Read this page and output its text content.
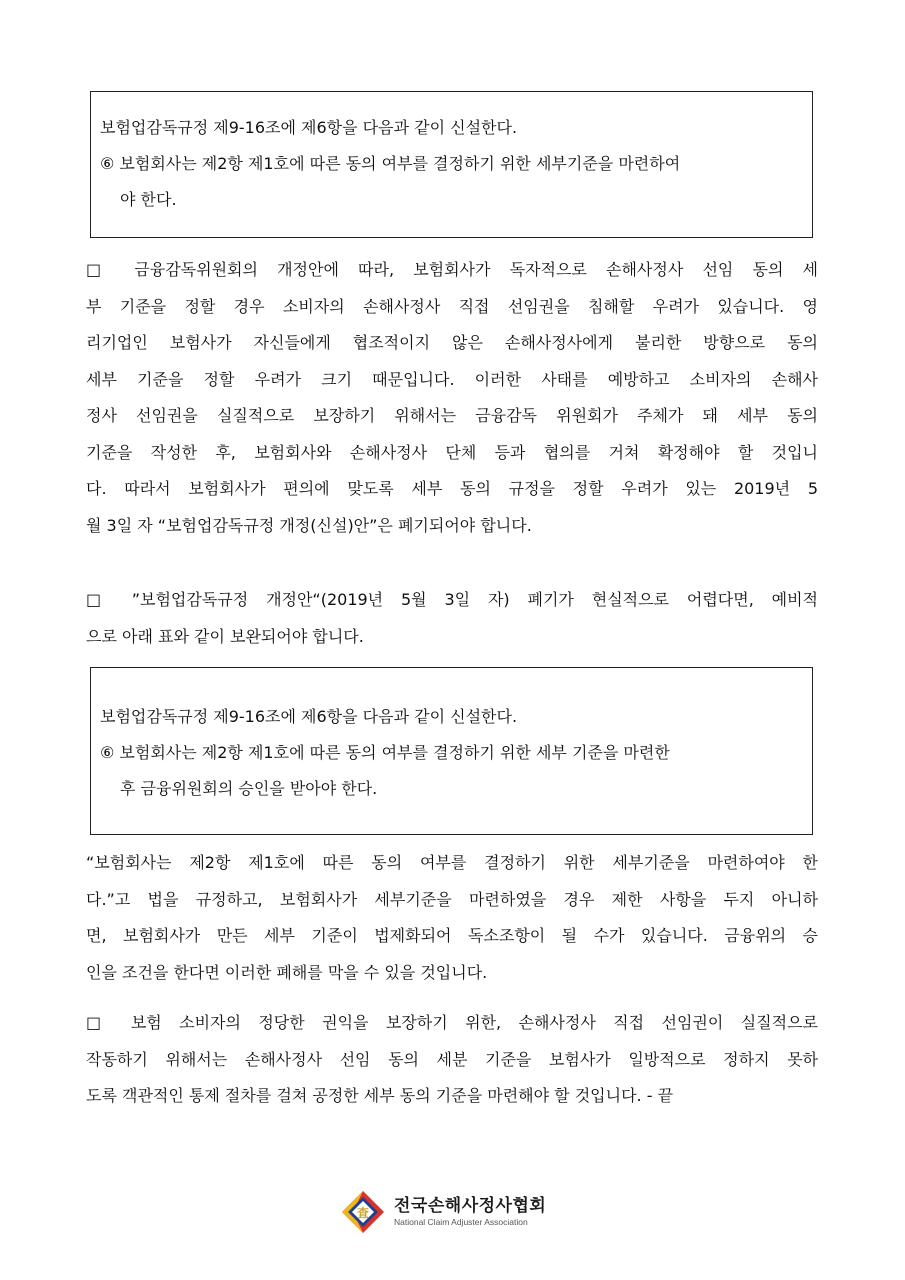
보험업감독규정 제9-16조에 제6항을 다음과 같이 신설한다.
⑥ 보험회사는 제2항 제1호에 따른 동의 여부를 결정하기 위한 세부기준을 마련하여
야 한다.
□ 금융감독위원회의 개정안에 따라, 보험회사가 독자적으로 손해사정사 선임 동의 세
부 기준을 정할 경우 소비자의 손해사정사 직접 선임권을 침해할 우려가 있습니다. 영
리기업인 보험사가 자신들에게 협조적이지 않은 손해사정사에게 불리한 방향으로 동의
세부 기준을 정할 우려가 크기 때문입니다. 이러한 사태를 예방하고 소비자의 손해사
정사 선임권을 실질적으로 보장하기 위해서는 금융감독 위원회가 주체가 돼 세부 동의
기준을 작성한 후, 보험회사와 손해사정사 단체 등과 협의를 거쳐 확정해야 할 것입니
다. 따라서 보험회사가 편의에 맞도록 세부 동의 규정을 정할 우려가 있는 2019년 5
월 3일 자 “보험업감독규정 개정(신설)안”은 폐기되어야 합니다.
□ ”보험업감독규정 개정안“(2019년 5월 3일 자) 폐기가 현실적으로 어렵다면, 예비적
으로 아래 표와 같이 보완되어야 합니다.
보험업감독규정 제9-16조에 제6항을 다음과 같이 신설한다.
⑥ 보험회사는 제2항 제1호에 따른 동의 여부를 결정하기 위한 세부 기준을 마련한
후 금융위원회의 승인을 받아야 한다.
“보험회사는 제2항 제1호에 따른 동의 여부를 결정하기 위한 세부기준을 마련하여야 한
다.”고 법을 규정하고, 보험회사가 세부기준을 마련하였을 경우 제한 사항을 두지 아니하
면, 보험회사가 만든 세부 기준이 법제화되어 독소조항이 될 수가 있습니다. 금융위의 승
인을 조건을 한다면 이러한 폐해를 막을 수 있을 것입니다.
□ 보험 소비자의 정당한 권익을 보장하기 위한, 손해사정사 직접 선임권이 실질적으로
작동하기 위해서는 손해사정사 선임 동의 세분 기준을 보험사가 일방적으로 정하지 못하
도록 객관적인 통제 절차를 걸쳐 공정한 세부 동의 기준을 마련해야 할 것입니다. - 끝
査 전국손해사정사협회
National Claim Adjuster Association
